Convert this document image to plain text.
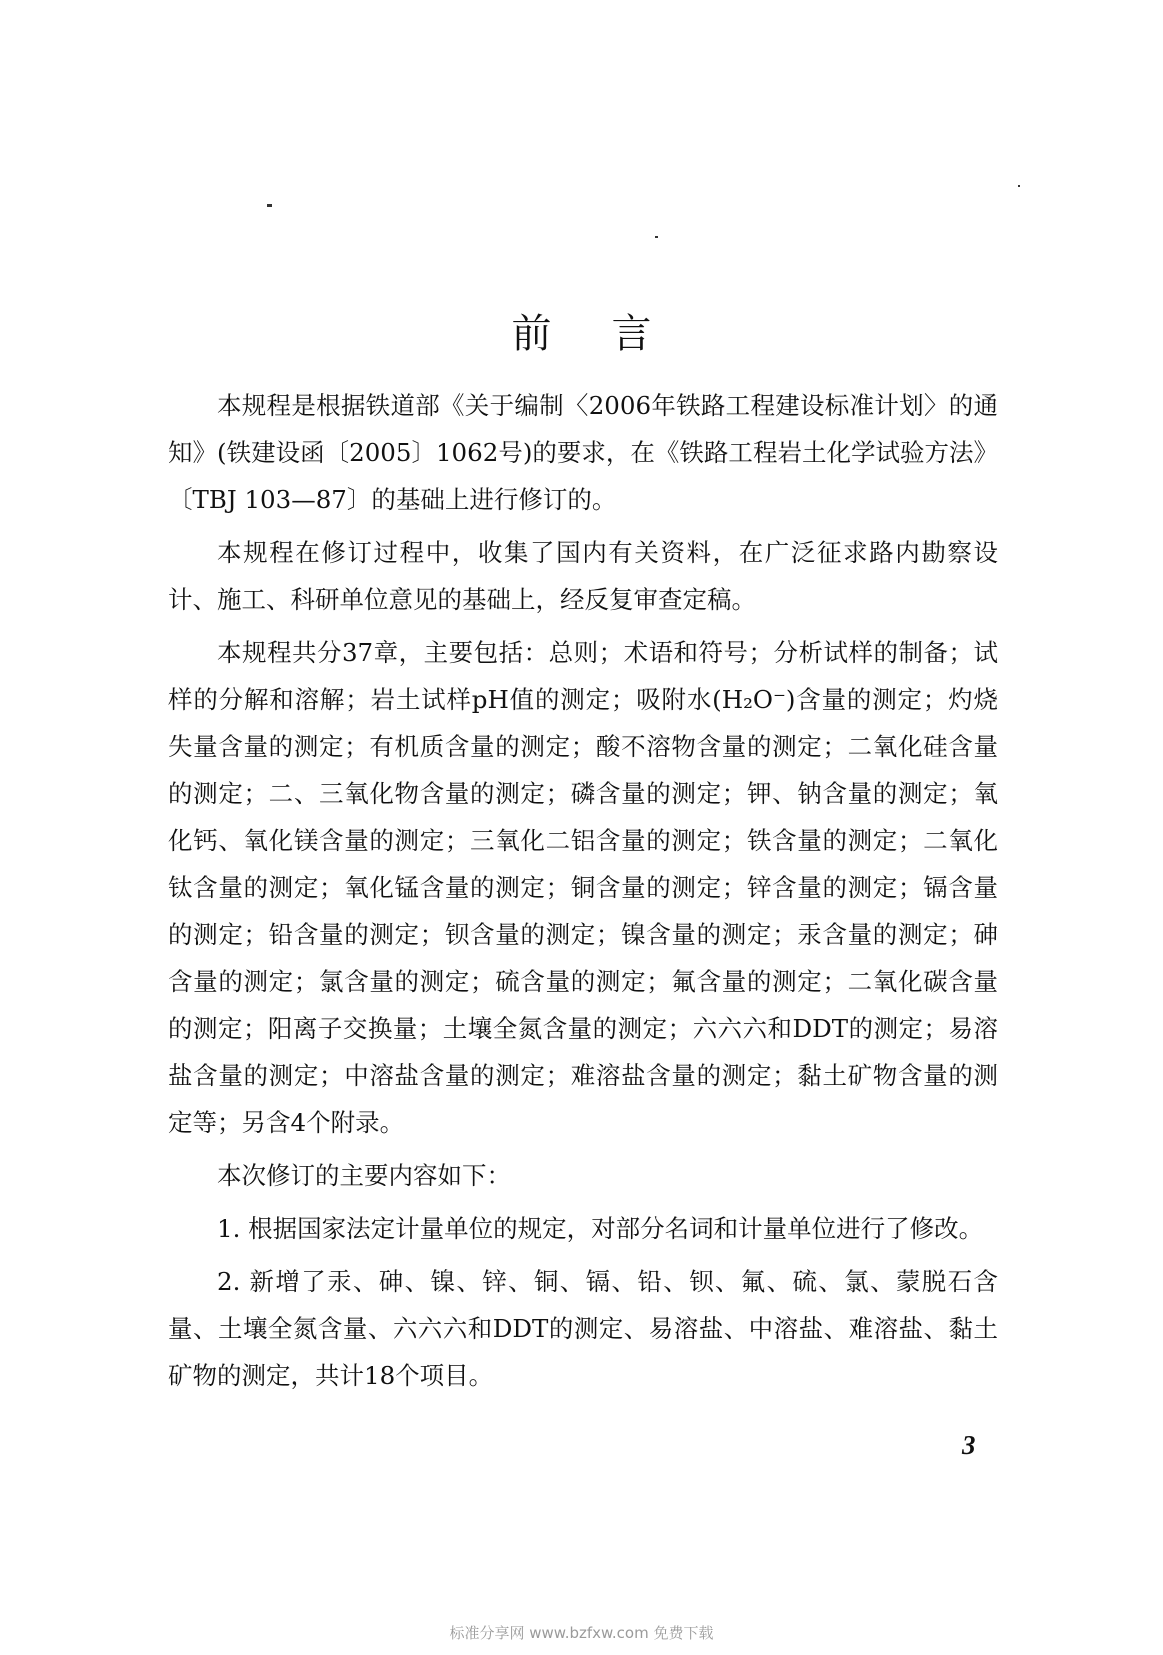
前言

本规程是根据铁道部《关于编制〈2006年铁路工程建设标准计划〉的通知》(铁建设函〔2005〕1062号)的要求，在《铁路工程岩土化学试验方法》〔TBJ 103—87〕的基础上进行修订的。

本规程在修订过程中，收集了国内有关资料，在广泛征求路内勘察设计、施工、科研单位意见的基础上，经反复审查定稿。

本规程共分37章，主要包括：总则；术语和符号；分析试样的制备；试样的分解和溶解；岩土试样pH值的测定；吸附水(H₂O⁻)含量的测定；灼烧失量含量的测定；有机质含量的测定；酸不溶物含量的测定；二氧化硅含量的测定；二、三氧化物含量的测定；磷含量的测定；钾、钠含量的测定；氧化钙、氧化镁含量的测定；三氧化二铝含量的测定；铁含量的测定；二氧化钛含量的测定；氧化锰含量的测定；铜含量的测定；锌含量的测定；镉含量的测定；铅含量的测定；钡含量的测定；镍含量的测定；汞含量的测定；砷含量的测定；氯含量的测定；硫含量的测定；氟含量的测定；二氧化碳含量的测定；阳离子交换量；土壤全氮含量的测定；六六六和DDT的测定；易溶盐含量的测定；中溶盐含量的测定；难溶盐含量的测定；黏土矿物含量的测定等；另含4个附录。

本次修订的主要内容如下：

1. 根据国家法定计量单位的规定，对部分名词和计量单位进行了修改。

2. 新增了汞、砷、镍、锌、铜、镉、铅、钡、氟、硫、氯、蒙脱石含量、土壤全氮含量、六六六和DDT的测定、易溶盐、中溶盐、难溶盐、黏土矿物的测定，共计18个项目。

3
标准分享网 www.bzfxw.com 免费下载
